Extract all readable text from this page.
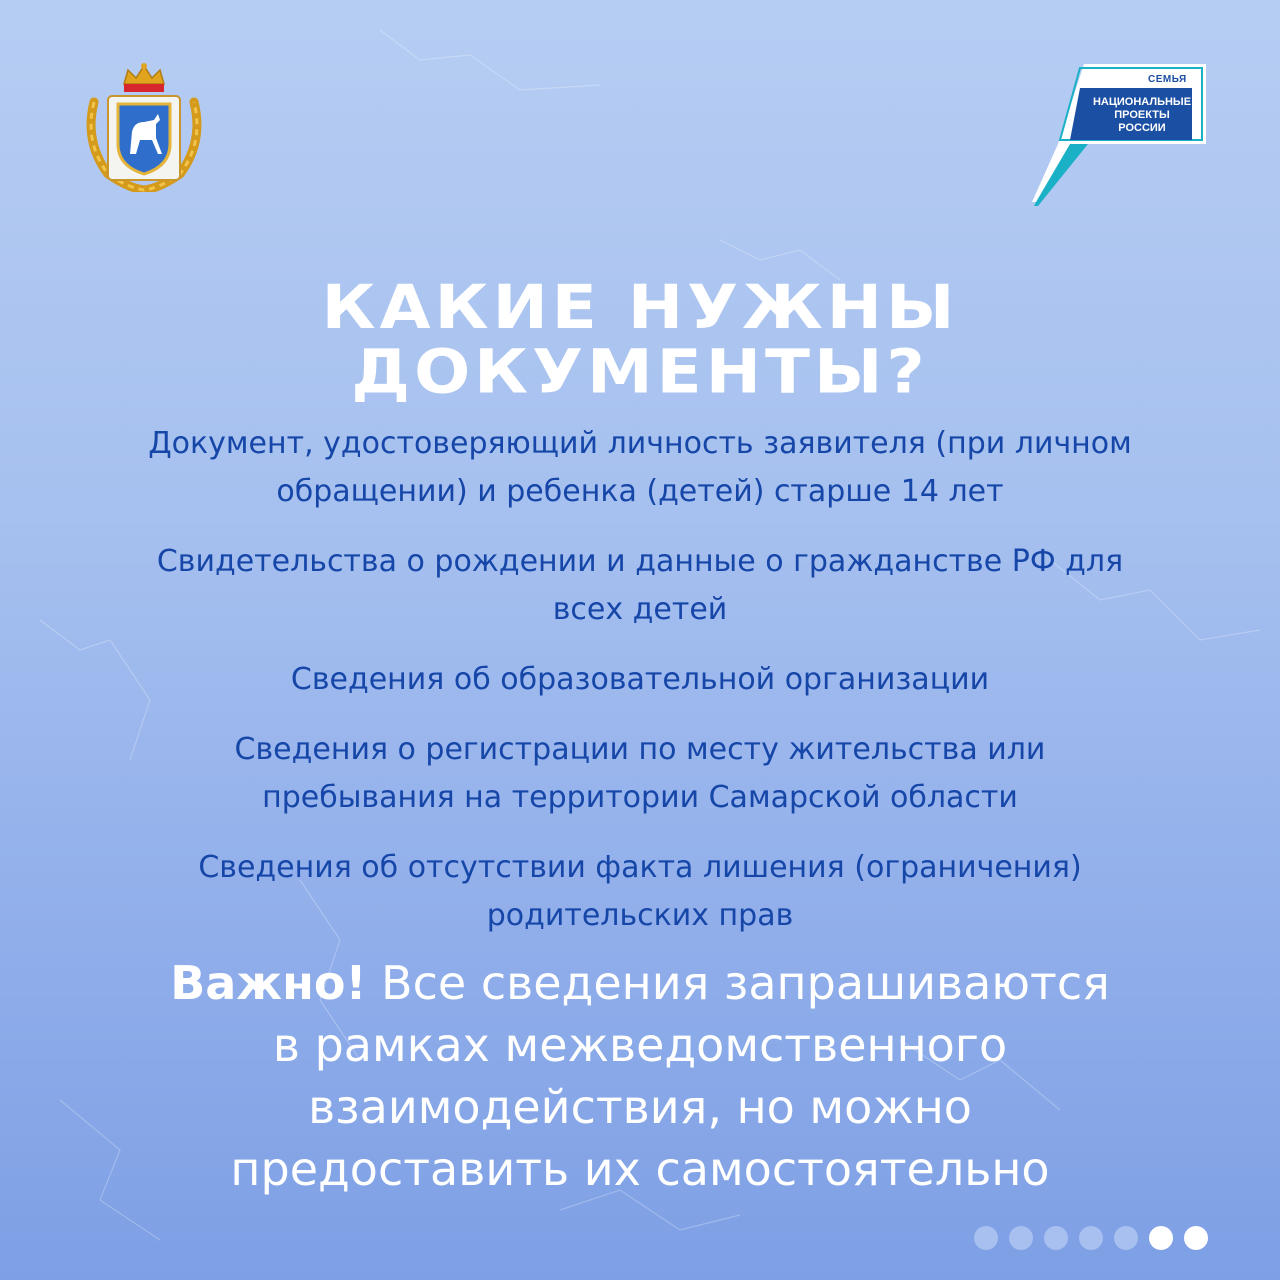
СЕМЬЯ
НАЦИОНАЛЬНЫЕ
ПРОЕКТЫ
РОССИИ
КАКИЕ НУЖНЫ
ДОКУМЕНТЫ?
Документ, удостоверяющий личность заявителя (при личном
обращении) и ребенка (детей) старше 14 лет
Свидетельства о рождении и данные о гражданстве РФ для
всех детей
Сведения об образовательной организации
Сведения о регистрации по месту жительства или
пребывания на территории Самарской области
Сведения об отсутствии факта лишения (ограничения)
родительских прав
Важно! Все сведения запрашиваются
в рамках межведомственного
взаимодействия, но можно
предоставить их самостоятельно
